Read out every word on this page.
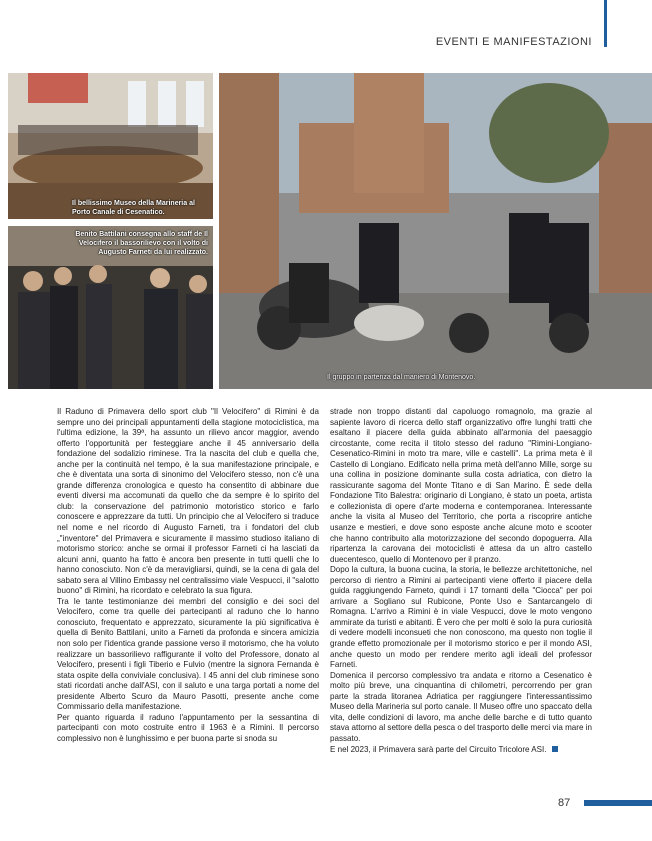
EVENTI E MANIFESTAZIONI
Il bellissimo Museo della Marineria al Porto Canale di Cesenatico.
Benito Battilani consegna allo staff de Il Velocifero il bassorilievo con il volto di Augusto Farneti da lui realizzato.
Il gruppo in partenza dal maniero di Montenovo.

Il Raduno di Primavera dello sport club "Il Velocifero" di Rimini è da sempre uno dei principali appuntamenti della stagione motociclistica, ma l'ultima edizione, la 39ª, ha assunto un rilievo ancor maggior, avendo offerto l'opportunità per festeggiare anche il 45 anniversario della fondazione del sodalizio riminese. Tra la nascita del club e quella che, anche per la continuità nel tempo, è la sua manifestazione principale, e che è diventata una sorta di sinonimo del Velocifero stesso, non c'è una grande differenza cronologica e questo ha consentito di abbinare due eventi diversi ma accomunati da quello che da sempre è lo spirito del club: la conservazione del patrimonio motoristico storico e farlo conoscere e apprezzare da tutti. Un principio che al Velocifero si traduce nel nome e nel ricordo di Augusto Farneti, tra i fondatori del club „"inventore" del Primavera e sicuramente il massimo studioso italiano di motorismo storico: anche se ormai il professor Farneti ci ha lasciati da alcuni anni, quanto ha fatto è ancora ben presente in tutti quelli che lo hanno conosciuto. Non c'è da meravigliarsi, quindi, se la cena di gala del sabato sera al Villino Embassy nel centralissimo viale Vespucci, il "salotto buono" di Rimini, ha ricordato e celebrato la sua figura.

Tra le tante testimonianze dei membri del consiglio e dei soci del Velocifero, come tra quelle dei partecipanti al raduno che lo hanno conosciuto, frequentato e apprezzato, sicuramente la più significativa è quella di Benito Battilani, unito a Farneti da profonda e sincera amicizia non solo per l'identica grande passione verso il motorismo, che ha voluto realizzare un bassorilievo raffigurante il volto del Professore, donato al Velocifero, presenti i figli Tiberio e Fulvio (mentre la signora Fernanda è stata ospite della conviviale conclusiva). I 45 anni del club riminese sono stati ricordati anche dall'ASI, con il saluto e una targa portati a nome del presidente Alberto Scuro da Mauro Pasotti, presente anche come Commissario della manifestazione.

Per quanto riguarda il raduno l'appuntamento per la sessantina di partecipanti con moto costruite entro il 1963 è a Rimini. Il percorso complessivo non è lunghissimo e per buona parte si snoda su

strade non troppo distanti dal capoluogo romagnolo, ma grazie al sapiente lavoro di ricerca dello staff organizzativo offre lunghi tratti che esaltano il piacere della guida abbinato all'armonia del paesaggio circostante, come recita il titolo stesso del raduno "Rimini-Longiano-Cesenatico-Rimini in moto tra mare, ville e castelli". La prima meta è il Castello di Longiano. Edificato nella prima metà dell'anno Mille, sorge su una collina in posizione dominante sulla costa adriatica, con dietro la rassicurante sagoma del Monte Titano e di San Marino. È sede della Fondazione Tito Balestra: originario di Longiano, è stato un poeta, artista e collezionista di opere d'arte moderna e contemporanea. Interessante anche la visita al Museo del Territorio, che porta a riscoprire antiche usanze e mestieri, e dove sono esposte anche alcune moto e scooter che hanno contribuito alla motorizzazione del secondo dopoguerra. Alla ripartenza la carovana dei motociclisti è attesa da un altro castello duecentesco, quello di Montenovo per il pranzo.

Dopo la cultura, la buona cucina, la storia, le bellezze architettoniche, nel percorso di rientro a Rimini ai partecipanti viene offerto il piacere della guida raggiungendo Farneto, quindi i 17 tornanti della "Ciocca" per poi arrivare a Sogliano sul Rubicone, Ponte Uso e Santarcangelo di Romagna. L'arrivo a Rimini è in viale Vespucci, dove le moto vengono ammirate da turisti e abitanti. È vero che per molti è solo la pura curiosità di vedere modelli inconsueti che non conoscono, ma questo non toglie il grande effetto promozionale per il motorismo storico e per il mondo ASI, anche questo un modo per rendere merito agli ideali del professor Farneti.

Domenica il percorso complessivo tra andata e ritorno a Cesenatico è molto più breve, una cinquantina di chilometri, percorrendo per gran parte la strada litoranea Adriatica per raggiungere l'interessantissimo Museo della Marineria sul porto canale. Il Museo offre uno spaccato della vita, delle condizioni di lavoro, ma anche delle barche e di tutto quanto stava attorno al settore della pesca o del trasporto delle merci via mare in passato.

E nel 2023, il Primavera sarà parte del Circuito Tricolore ASI.

87
